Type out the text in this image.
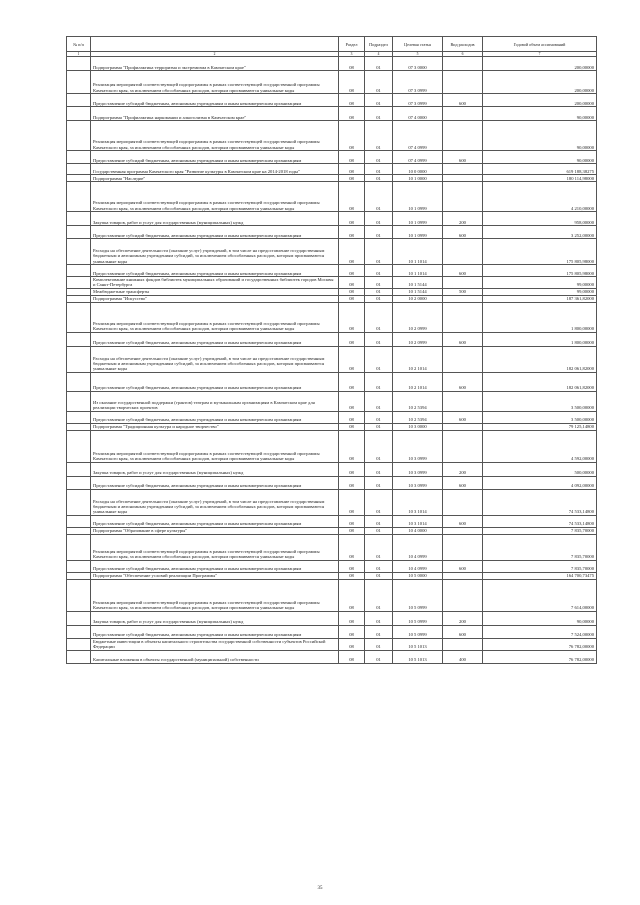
№ п/п		Раздел	Подраздел	Целевая статья	Вид расходов	Годовой объем ассигнований
1	2	3	4	5	6	7
	Подпрограмма "Профилактика терроризма и экстремизма в Камчатском крае"	08	01	07 3 0000		200,00000
	Реализация мероприятий соответствующей подпрограммы в рамках соответствующей государственной программы Камчатского края, за исключением обособленных расходов, которым присваиваются уникальные коды	08	01	07 3 0999		200,00000
	Предоставление субсидий бюджетным, автономным учреждениям и иным некоммерческим организациям	08	01	07 3 0999	600	200,00000
	Подпрограмма "Профилактика наркомании и алкоголизма в Камчатском крае"	08	01	07 4 0000		90,00000
	Реализация мероприятий соответствующей подпрограммы в рамках соответствующей государственной программы Камчатского края, за исключением обособленных расходов, которым присваиваются уникальные коды	08	01	07 4 0999		90,00000
	Предоставление субсидий бюджетным, автономным учреждениям и иным некоммерческим организациям	08	01	07 4 0999	600	90,00000
	Государственная программа Камчатского края "Развитие культуры в Камчатском крае на 2014-2018 годы"	08	01	10 0 0000		619 188,38275
	Подпрограмма "Наследие"	08	01	10 1 0000		180 114,98000
	Реализация мероприятий соответствующей подпрограммы в рамках соответствующей государственной программы Камчатского края, за исключением обособленных расходов, которым присваиваются уникальные коды	08	01	10 1 0999		4 210,00000
	Закупка товаров, работ и услуг для государственных (муниципальных) нужд	08	01	10 1 0999	200	958,00000
	Предоставление субсидий бюджетным, автономным учреждениям и иным некоммерческим организациям	08	01	10 1 0999	600	3 252,00000
	Расходы на обеспечение деятельности (оказание услуг) учреждений, в том числе на предоставление государственным бюджетным и автономным учреждениям субсидий, за исключением обособленных расходов, которым присваиваются уникальные коды	08	01	10 1 1014		175 805,98000
	Предоставление субсидий бюджетным, автономным учреждениям и иным некоммерческим организациям	08	01	10 1 1014	600	175 805,98000
	Комплектование книжных фондов библиотек муниципальных образований и государственных библиотек городов Москвы и Санкт-Петербурга	08	01	10 1 5144		99,00000
	Межбюджетные трансферты	08	01	10 1 5144	500	99,00000
	Подпрограмма "Искусство"	08	01	10 2 0000		187 361,82000
	Реализация мероприятий соответствующей подпрограммы в рамках соответствующей государственной программы Камчатского края, за исключением обособленных расходов, которым присваиваются уникальные коды	08	01	10 2 0999		1 800,00000
	Предоставление субсидий бюджетным, автономным учреждениям и иным некоммерческим организациям	08	01	10 2 0999	600	1 800,00000
	Расходы на обеспечение деятельности (оказание услуг) учреждений, в том числе на предоставление государственным бюджетным и автономным учреждениям субсидий, за исключением обособленных расходов, которым присваиваются уникальные коды	08	01	10 2 1014		182 061,82000
	Предоставление субсидий бюджетным, автономным учреждениям и иным некоммерческим организациям	08	01	10 2 1014	600	182 061,82000
	Из оказание государственной поддержки (грантов) театрам и музыкальным организациям в Камчатском крае для реализации творческих проектов	08	01	10 2 5394		3 500,00000
	Предоставление субсидий бюджетным, автономным учреждениям и иным некоммерческим организациям	08	01	10 2 5394	600	3 500,00000
	Подпрограмма "Традиционная культура и народное творчество"	08	01	10 3 0000		79 125,14800
	Реализация мероприятий соответствующей подпрограммы в рамках соответствующей государственной программы Камчатского края, за исключением обособленных расходов, которым присваиваются уникальные коды	08	01	10 3 0999		4 592,00000
	Закупка товаров, работ и услуг для государственных (муниципальных) нужд	08	01	10 3 0999	200	500,00000
	Предоставление субсидий бюджетным, автономным учреждениям и иным некоммерческим организациям	08	01	10 3 0999	600	4 092,00000
	Расходы на обеспечение деятельности (оказание услуг) учреждений, в том числе на предоставление государственным бюджетным и автономным учреждениям субсидий, за исключением обособленных расходов, которым присваиваются уникальные коды	08	01	10 3 1014		74 533,14800
	Предоставление субсидий бюджетным, автономным учреждениям и иным некоммерческим организациям	08	01	10 3 1014	600	74 533,14800
	Подпрограмма "Образование в сфере культуры"	08	01	10 4 0000		7 835,70000
	Реализация мероприятий соответствующей подпрограммы в рамках соответствующей государственной программы Камчатского края, за исключением обособленных расходов, которым присваиваются уникальные коды	08	01	10 4 0999		7 835,70000
	Предоставление субсидий бюджетным, автономным учреждениям и иным некоммерческим организациям	08	01	10 4 0999	600	7 835,70000
	Подпрограмма "Обеспечение условий реализации Программы"	08	01	10 5 0000		164 700,73475
	Реализация мероприятий соответствующей подпрограммы в рамках соответствующей государственной программы Камчатского края, за исключением обособленных расходов, которым присваиваются уникальные коды	08	01	10 5 0999		7 614,00000
	Закупка товаров, работ и услуг для государственных (муниципальных) нужд	08	01	10 5 0999	200	90,00000
	Предоставление субсидий бюджетным, автономным учреждениям и иным некоммерческим организациям	08	01	10 5 0999	600	7 524,00000
	Бюджетные инвестиции в объекты капитального строительства государственной собственности субъектов Российской Федерации	08	01	10 5 1013		76 782,00000
	Капитальные вложения в объекты государственной (муниципальной) собственности	08	01	10 5 1013	400	76 782,00000
35
